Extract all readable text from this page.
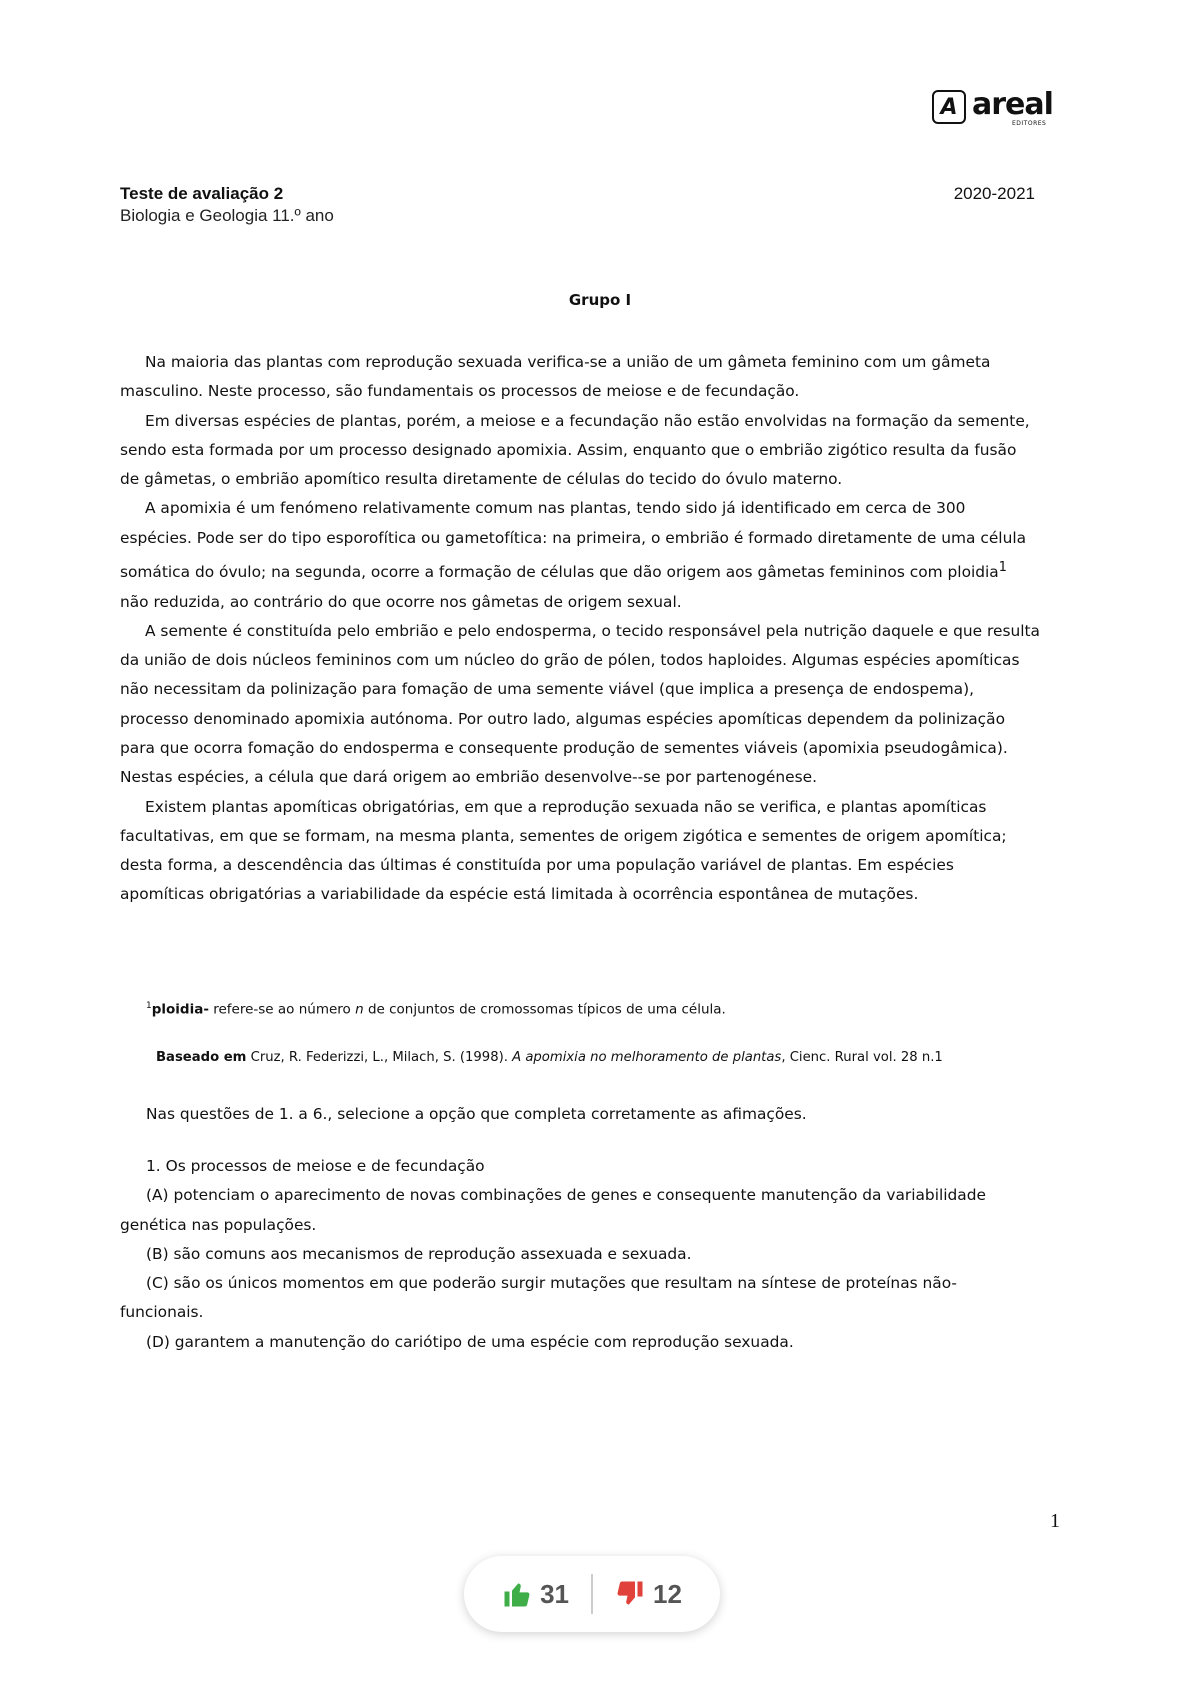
A areal
EDITORES
Teste de avaliação 2	2020-2021
Biologia e Geologia 11.º ano
Grupo I

Na maioria das plantas com reprodução sexuada verifica-se a união de um gâmeta feminino com um gâmeta masculino. Neste processo, são fundamentais os processos de meiose e de fecundação.

Em diversas espécies de plantas, porém, a meiose e a fecundação não estão envolvidas na formação da semente, sendo esta formada por um processo designado apomixia. Assim, enquanto que o embrião zigótico resulta da fusão de gâmetas, o embrião apomítico resulta diretamente de células do tecido do óvulo materno.

A apomixia é um fenómeno relativamente comum nas plantas, tendo sido já identificado em cerca de 300 espécies. Pode ser do tipo esporofítica ou gametofítica: na primeira, o embrião é formado diretamente de uma célula somática do óvulo; na segunda, ocorre a formação de células que dão origem aos gâmetas femininos com ploidia$^1$ não reduzida, ao contrário do que ocorre nos gâmetas de origem sexual.

A semente é constituída pelo embrião e pelo endosperma, o tecido responsável pela nutrição daquele e que resulta da união de dois núcleos femininos com um núcleo do grão de pólen, todos haploides. Algumas espécies apomíticas não necessitam da polinização para fomação de uma semente viável (que implica a presença de endospema), processo denominado apomixia autónoma. Por outro lado, algumas espécies apomíticas dependem da polinização para que ocorra fomação do endosperma e consequente produção de sementes viáveis (apomixia pseudogâmica). Nestas espécies, a célula que dará origem ao embrião desenvolve--se por partenogénese.

Existem plantas apomíticas obrigatórias, em que a reprodução sexuada não se verifica, e plantas apomíticas facultativas, em que se formam, na mesma planta, sementes de origem zigótica e sementes de origem apomítica; desta forma, a descendência das últimas é constituída por uma população variável de plantas. Em espécies apomíticas obrigatórias a variabilidade da espécie está limitada à ocorrência espontânea de mutações.

$^1$ploidia- refere-se ao número n de conjuntos de cromossomas típicos de uma célula.
Baseado em Cruz, R. Federizzi, L., Milach, S. (1998). A apomixia no melhoramento de plantas, Cienc. Rural vol. 28 n.1
Nas questões de 1. a 6., selecione a opção que completa corretamente as afimações.
1. Os processos de meiose e de fecundação
(A) potenciam o aparecimento de novas combinações de genes e consequente manutenção da variabilidade genética nas populações.
(B) são comuns aos mecanismos de reprodução assexuada e sexuada.
(C) são os únicos momentos em que poderão surgir mutações que resultam na síntese de proteínas não-funcionais.
(D) garantem a manutenção do cariótipo de uma espécie com reprodução sexuada.
1
31	12
